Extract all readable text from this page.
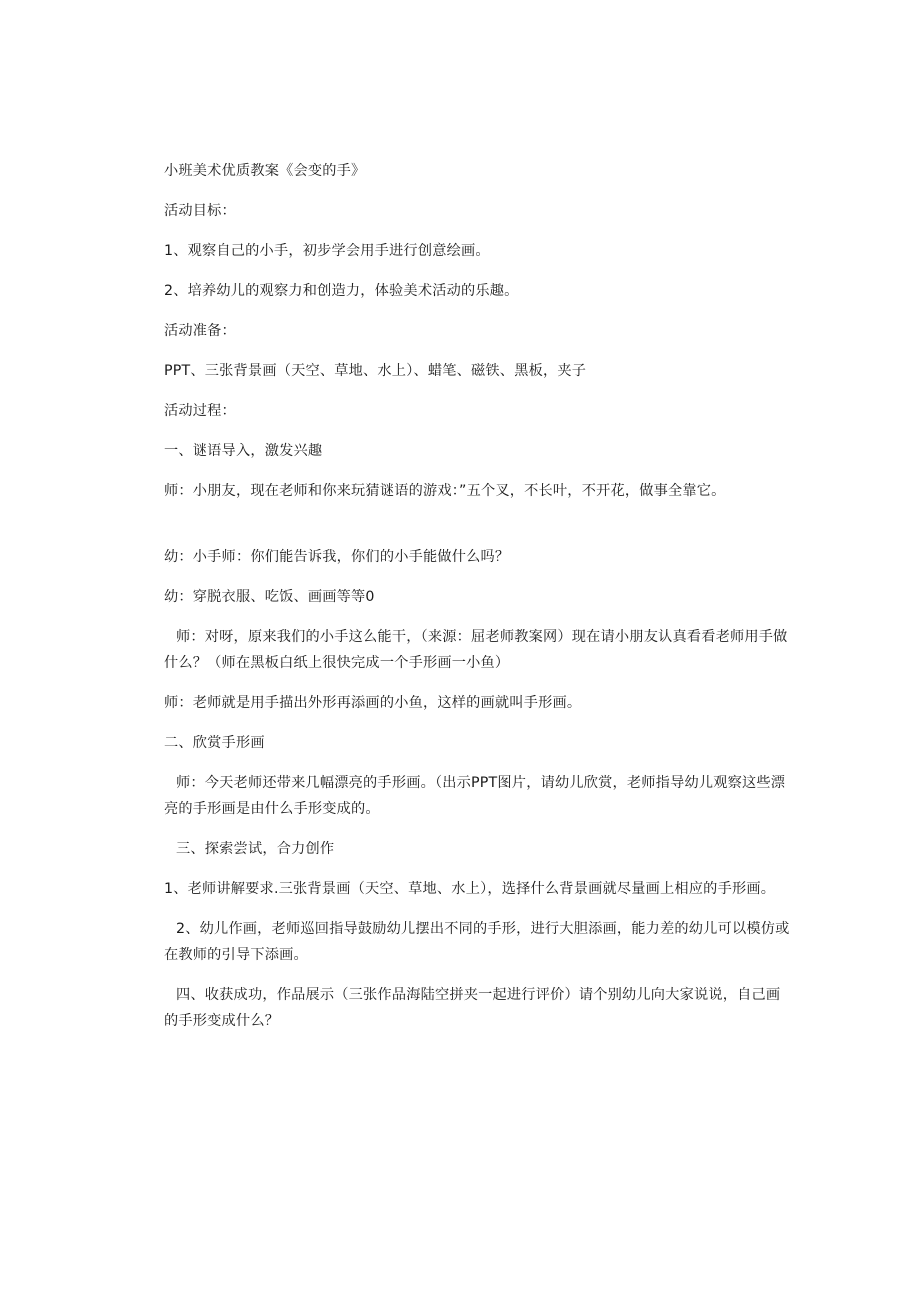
小班美术优质教案《会变的手》

活动目标：

1、观察自己的小手，初步学会用手进行创意绘画。

2、培养幼儿的观察力和创造力，体验美术活动的乐趣。

活动准备：

PPT、三张背景画（天空、草地、水上）、蜡笔、磁铁、黑板，夹子

活动过程：

一、谜语导入，激发兴趣

师：小朋友，现在老师和你来玩猜谜语的游戏：”五个叉，不长叶，不开花，做事全靠它。

幼：小手师：你们能告诉我，你们的小手能做什么吗？

幼：穿脱衣服、吃饭、画画等等0

师：对呀，原来我们的小手这么能干，（来源：屈老师教案网）现在请小朋友认真看看老师用手做什么？（师在黑板白纸上很快完成一个手形画一小鱼）

师：老师就是用手描出外形再添画的小鱼，这样的画就叫手形画。

二、欣赏手形画

师：今天老师还带来几幅漂亮的手形画。（出示PPT图片，请幼儿欣赏，老师指导幼儿观察这些漂亮的手形画是由什么手形变成的。

三、探索尝试，合力创作

1、老师讲解要求.三张背景画（天空、草地、水上），选择什么背景画就尽量画上相应的手形画。

2、幼儿作画，老师巡回指导鼓励幼儿摆出不同的手形，进行大胆添画，能力差的幼儿可以模仿或在教师的引导下添画。

四、收获成功，作品展示（三张作品海陆空拼夹一起进行评价）请个别幼儿向大家说说，自己画的手形变成什么？
